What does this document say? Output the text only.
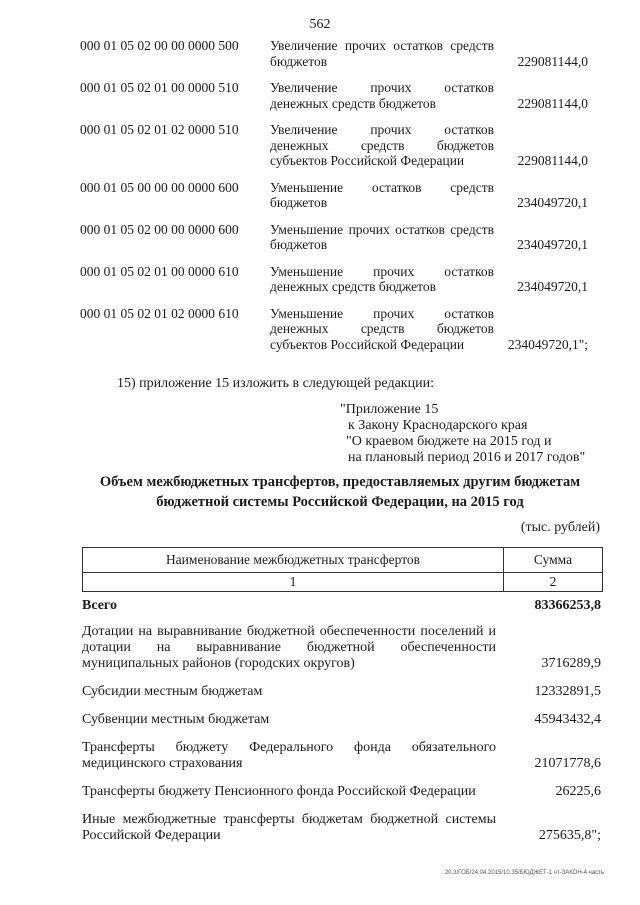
562
000 01 05 02 00 00 0000 500	Увеличение прочих остатков средств бюджетов	229081144,0
000 01 05 02 01 00 0000 510	Увеличение прочих остатков денежных средств бюджетов	229081144,0
000 01 05 02 01 02 0000 510	Увеличение прочих остатков денежных средств бюджетов субъектов Российской Федерации	229081144,0
000 01 05 00 00 00 0000 600	Уменьшение остатков средств бюджетов	234049720,1
000 01 05 02 00 00 0000 600	Уменьшение прочих остатков средств бюджетов	234049720,1
000 01 05 02 01 00 0000 610	Уменьшение прочих остатков денежных средств бюджетов	234049720,1
000 01 05 02 01 02 0000 610	Уменьшение прочих остатков денежных средств бюджетов субъектов Российской Федерации	234049720,1";
15) приложение 15 изложить в следующей редакции:
"Приложение 15
к Закону Краснодарского края
"О краевом бюджете на 2015 год и
на плановый период 2016 и 2017 годов"
Объем межбюджетных трансфертов, предоставляемых другим бюджетам бюджетной системы Российской Федерации, на 2015 год
(тыс. рублей)
Наименование межбюджетных трансфертов	Сумма
1	2
Всего	83366253,8
Дотации на выравнивание бюджетной обеспеченности поселений и дотации на выравнивание бюджетной обеспеченности муниципальных районов (городских округов)	3716289,9
Субсидии местным бюджетам	12332891,5
Субвенции местным бюджетам	45943432,4
Трансферты бюджету Федерального фонда обязательного медицинского страхования	21071778,6
Трансферты бюджету Пенсионного фонда Российской Федерации	26225,6
Иные межбюджетные трансферты бюджетам бюджетной системы Российской Федерации	275635,8";
20.3/ГОБ/24.04.2015/10.35/БЮДЖЕТ-1 чт-ЗАКОН-4 часть
